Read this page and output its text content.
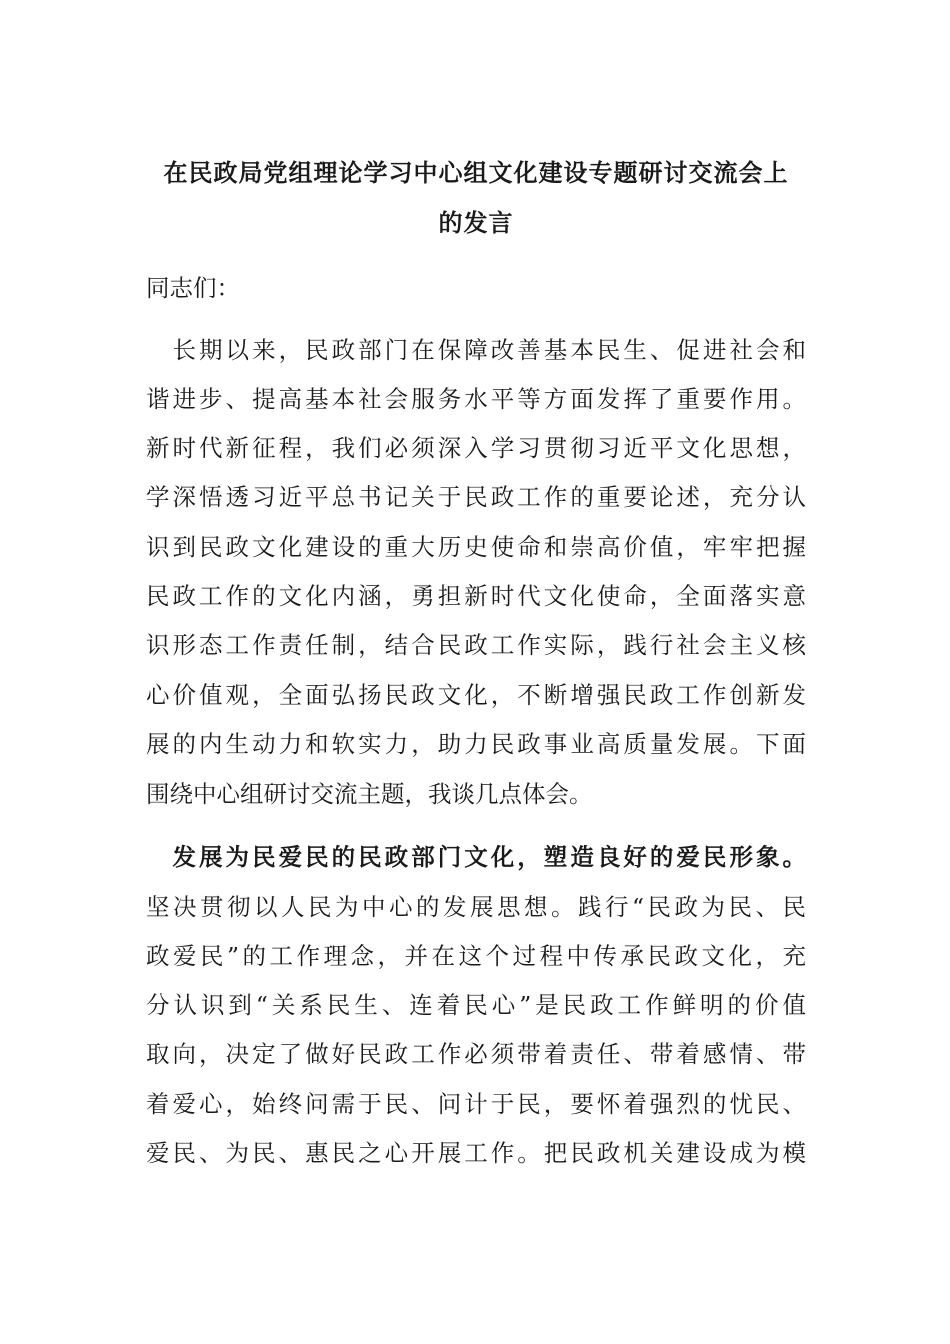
在民政局党组理论学习中心组文化建设专题研讨交流会上
的发言

同志们：

　长期以来，民政部门在保障改善基本民生、促进社会和

谐进步、提高基本社会服务水平等方面发挥了重要作用。

新时代新征程，我们必须深入学习贯彻习近平文化思想，

学深悟透习近平总书记关于民政工作的重要论述，充分认

识到民政文化建设的重大历史使命和崇高价值，牢牢把握

民政工作的文化内涵，勇担新时代文化使命，全面落实意

识形态工作责任制，结合民政工作实际，践行社会主义核

心价值观，全面弘扬民政文化，不断增强民政工作创新发

展的内生动力和软实力，助力民政事业高质量发展。下面

围绕中心组研讨交流主题，我谈几点体会。

　发展为民爱民的民政部门文化，塑造良好的爱民形象。

坚决贯彻以人民为中心的发展思想。践行“民政为民、民

政爱民”的工作理念，并在这个过程中传承民政文化，充

分认识到“关系民生、连着民心”是民政工作鲜明的价值

取向，决定了做好民政工作必须带着责任、带着感情、带

着爱心，始终问需于民、问计于民，要怀着强烈的忧民、

爱民、为民、惠民之心开展工作。把民政机关建设成为模
